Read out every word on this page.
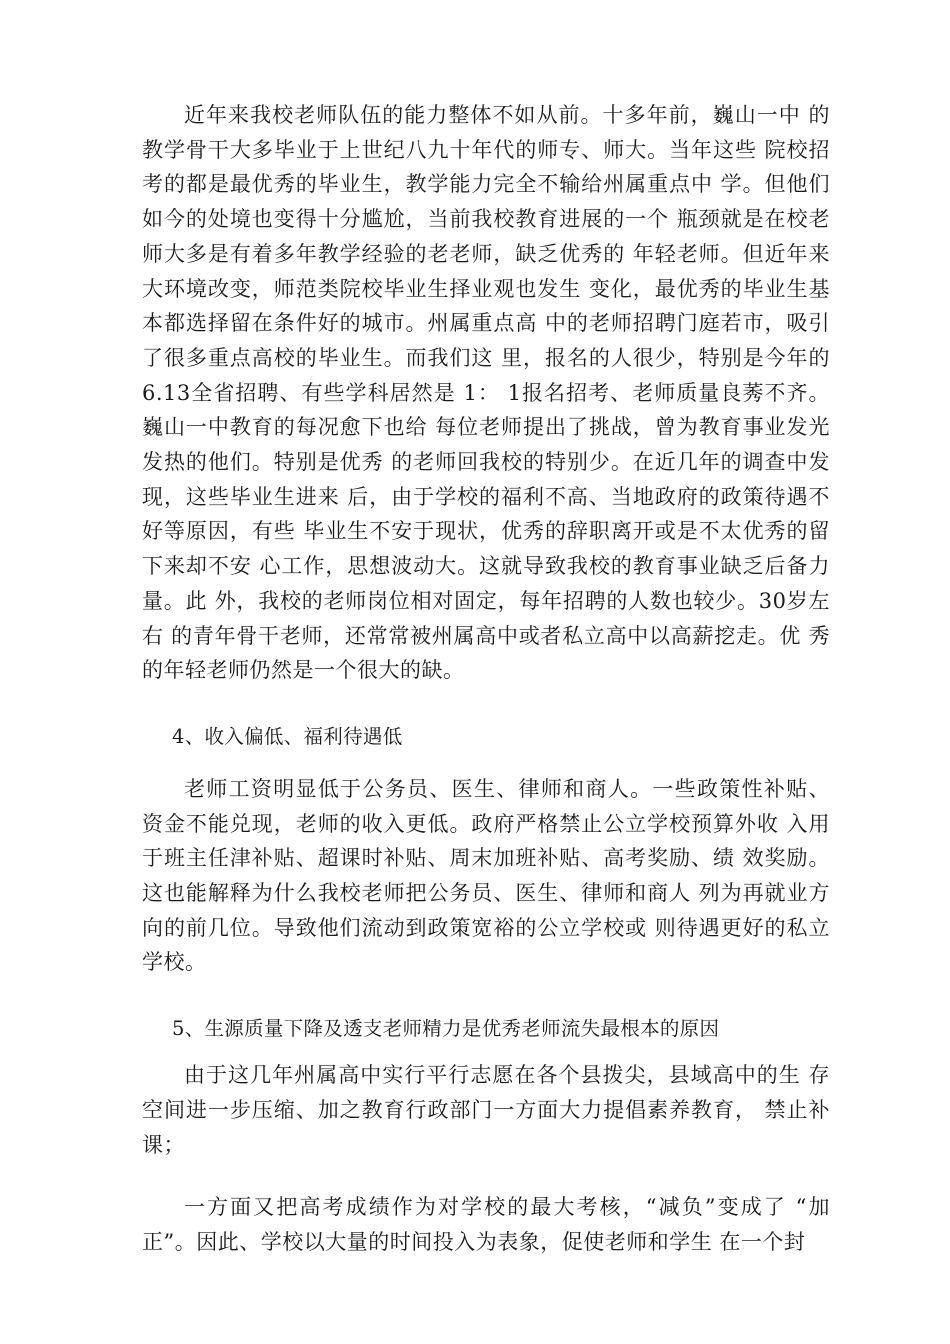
近年来我校老师队伍的能力整体不如从前。十多年前，巍山一中 的教学骨干大多毕业于上世纪八九十年代的师专、师大。当年这些 院校招考的都是最优秀的毕业生，教学能力完全不输给州属重点中 学。但他们如今的处境也变得十分尴尬，当前我校教育进展的一个 瓶颈就是在校老师大多是有着多年教学经验的老老师，缺乏优秀的 年轻老师。但近年来大环境改变，师范类院校毕业生择业观也发生 变化，最优秀的毕业生基本都选择留在条件好的城市。州属重点高 中的老师招聘门庭若市，吸引了很多重点高校的毕业生。而我们这 里，报名的人很少，特别是今年的6.13全省招聘、有些学科居然是 1： 1报名招考、老师质量良莠不齐。巍山一中教育的每况愈下也给 每位老师提出了挑战，曾为教育事业发光发热的他们。特别是优秀 的老师回我校的特别少。在近几年的调查中发现，这些毕业生进来 后，由于学校的福利不高、当地政府的政策待遇不好等原因，有些 毕业生不安于现状，优秀的辞职离开或是不太优秀的留下来却不安 心工作，思想波动大。这就导致我校的教育事业缺乏后备力量。此 外，我校的老师岗位相对固定，每年招聘的人数也较少。30岁左右 的青年骨干老师，还常常被州属高中或者私立高中以高薪挖走。优 秀的年轻老师仍然是一个很大的缺。

4、收入偏低、福利待遇低

老师工资明显低于公务员、医生、律师和商人。一些政策性补贴、 资金不能兑现，老师的收入更低。政府严格禁止公立学校预算外收 入用于班主任津补贴、超课时补贴、周末加班补贴、高考奖励、绩 效奖励。这也能解释为什么我校老师把公务员、医生、律师和商人 列为再就业方向的前几位。导致他们流动到政策宽裕的公立学校或 则待遇更好的私立学校。

5、生源质量下降及透支老师精力是优秀老师流失最根本的原因

由于这几年州属高中实行平行志愿在各个县拨尖，县域高中的生 存空间进一步压缩、加之教育行政部门一方面大力提倡素养教育， 禁止补课；

一方面又把高考成绩作为对学校的最大考核，“减负”变成了 “加正”。因此、学校以大量的时间投入为表象，促使老师和学生 在一个封
